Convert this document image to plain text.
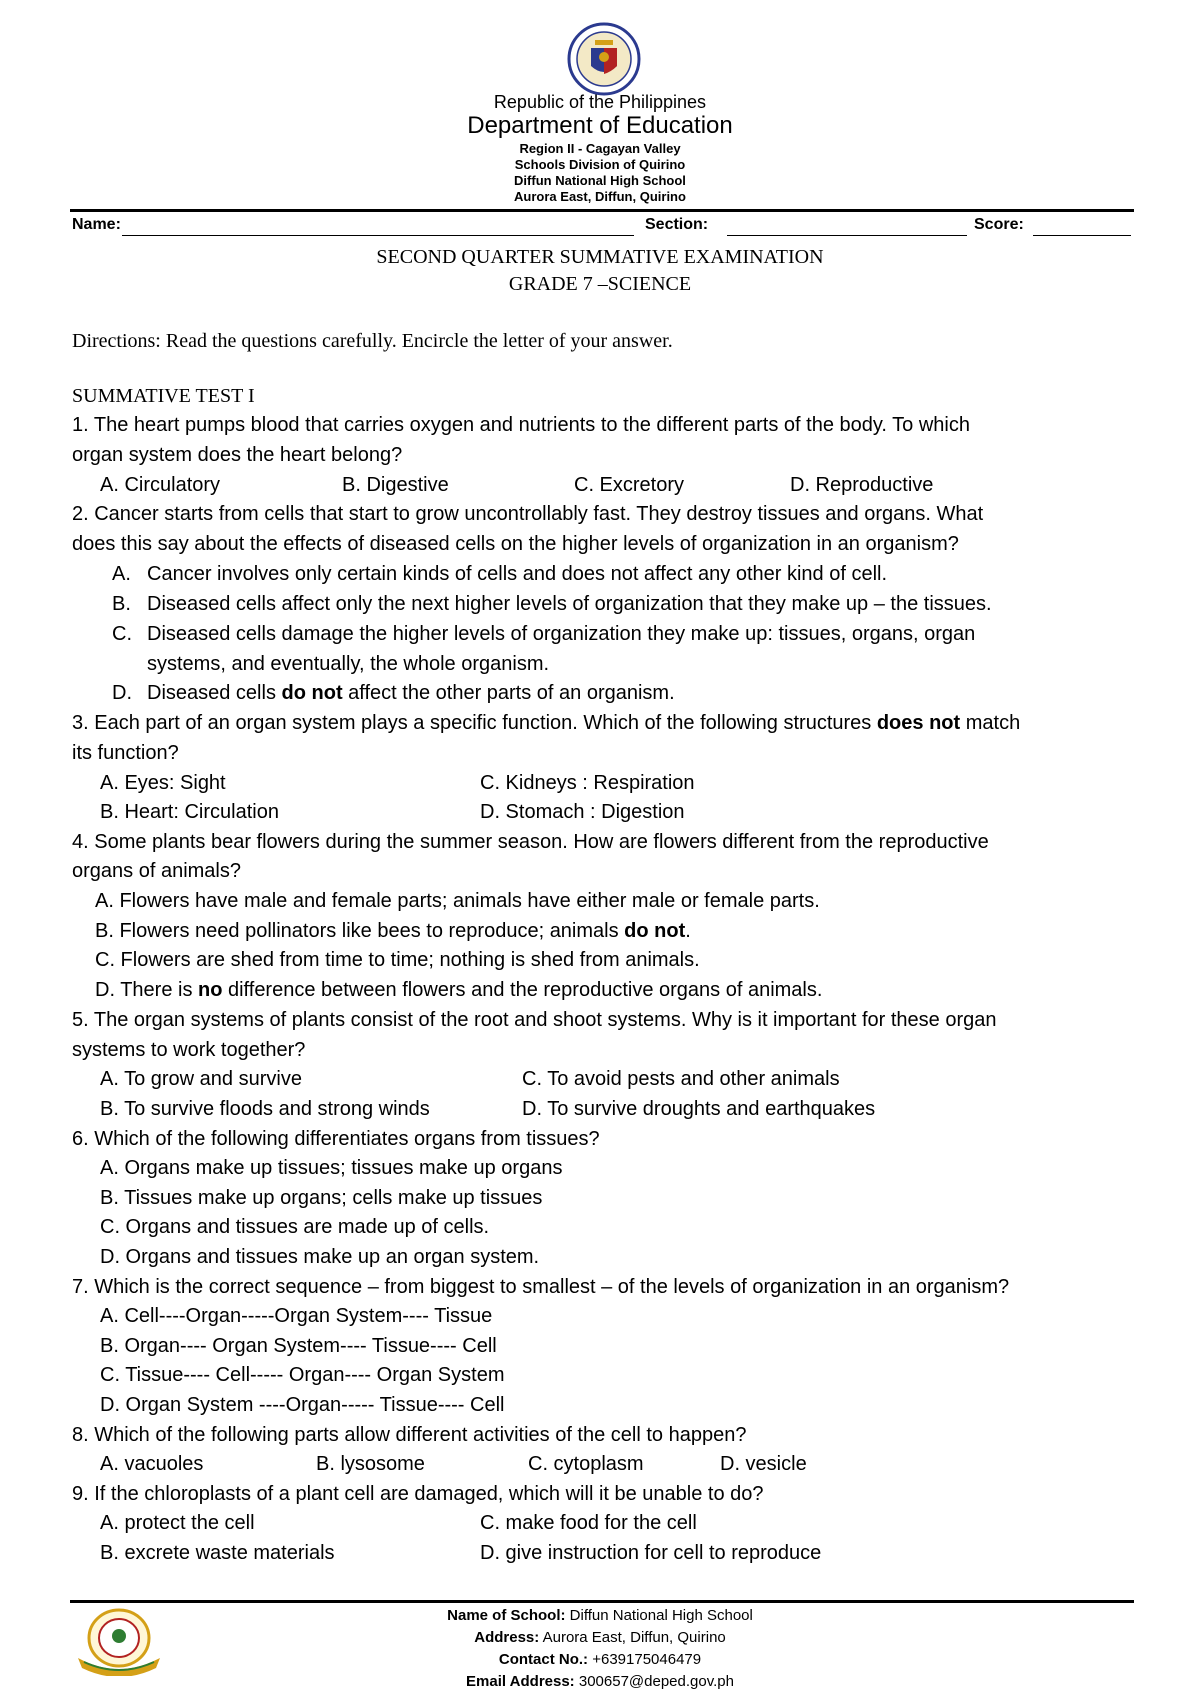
Republic of the Philippines
Department of Education
Region II - Cagayan Valley
Schools Division of Quirino
Diffun National High School
Aurora East, Diffun, Quirino
Name:	Section:	Score:
SECOND QUARTER SUMMATIVE EXAMINATION
GRADE 7 –SCIENCE
Directions: Read the questions carefully. Encircle the letter of your answer.
SUMMATIVE TEST I
1. The heart pumps blood that carries oxygen and nutrients to the different parts of the body. To which
organ system does the heart belong?
A. Circulatory	B. Digestive	C. Excretory	D. Reproductive
2. Cancer starts from cells that start to grow uncontrollably fast. They destroy tissues and organs. What
does this say about the effects of diseased cells on the higher levels of organization in an organism?
A. Cancer involves only certain kinds of cells and does not affect any other kind of cell.
B. Diseased cells affect only the next higher levels of organization that they make up – the tissues.
C. Diseased cells damage the higher levels of organization they make up: tissues, organs, organ
systems, and eventually, the whole organism.
D. Diseased cells do not affect the other parts of an organism.
3. Each part of an organ system plays a specific function. Which of the following structures does not match
its function?
A. Eyes: Sight	C. Kidneys : Respiration
B. Heart: Circulation	D. Stomach : Digestion
4. Some plants bear flowers during the summer season. How are flowers different from the reproductive
organs of animals?
A. Flowers have male and female parts; animals have either male or female parts.
B. Flowers need pollinators like bees to reproduce; animals do not.
C. Flowers are shed from time to time; nothing is shed from animals.
D. There is no difference between flowers and the reproductive organs of animals.
5. The organ systems of plants consist of the root and shoot systems. Why is it important for these organ
systems to work together?
A. To grow and survive	C. To avoid pests and other animals
B. To survive floods and strong winds	D. To survive droughts and earthquakes
6. Which of the following differentiates organs from tissues?
A. Organs make up tissues; tissues make up organs
B. Tissues make up organs; cells make up tissues
C. Organs and tissues are made up of cells.
D. Organs and tissues make up an organ system.
7. Which is the correct sequence – from biggest to smallest – of the levels of organization in an organism?
A. Cell----Organ-----Organ System---- Tissue
B. Organ---- Organ System---- Tissue---- Cell
C. Tissue---- Cell----- Organ---- Organ System
D. Organ System ----Organ----- Tissue---- Cell
8. Which of the following parts allow different activities of the cell to happen?
A. vacuoles	B. lysosome	C. cytoplasm	D. vesicle
9. If the chloroplasts of a plant cell are damaged, which will it be unable to do?
A. protect the cell	C. make food for the cell
B. excrete waste materials	D. give instruction for cell to reproduce
Name of School: Diffun National High School
Address: Aurora East, Diffun, Quirino
Contact No.: +639175046479
Email Address: 300657@deped.gov.ph
